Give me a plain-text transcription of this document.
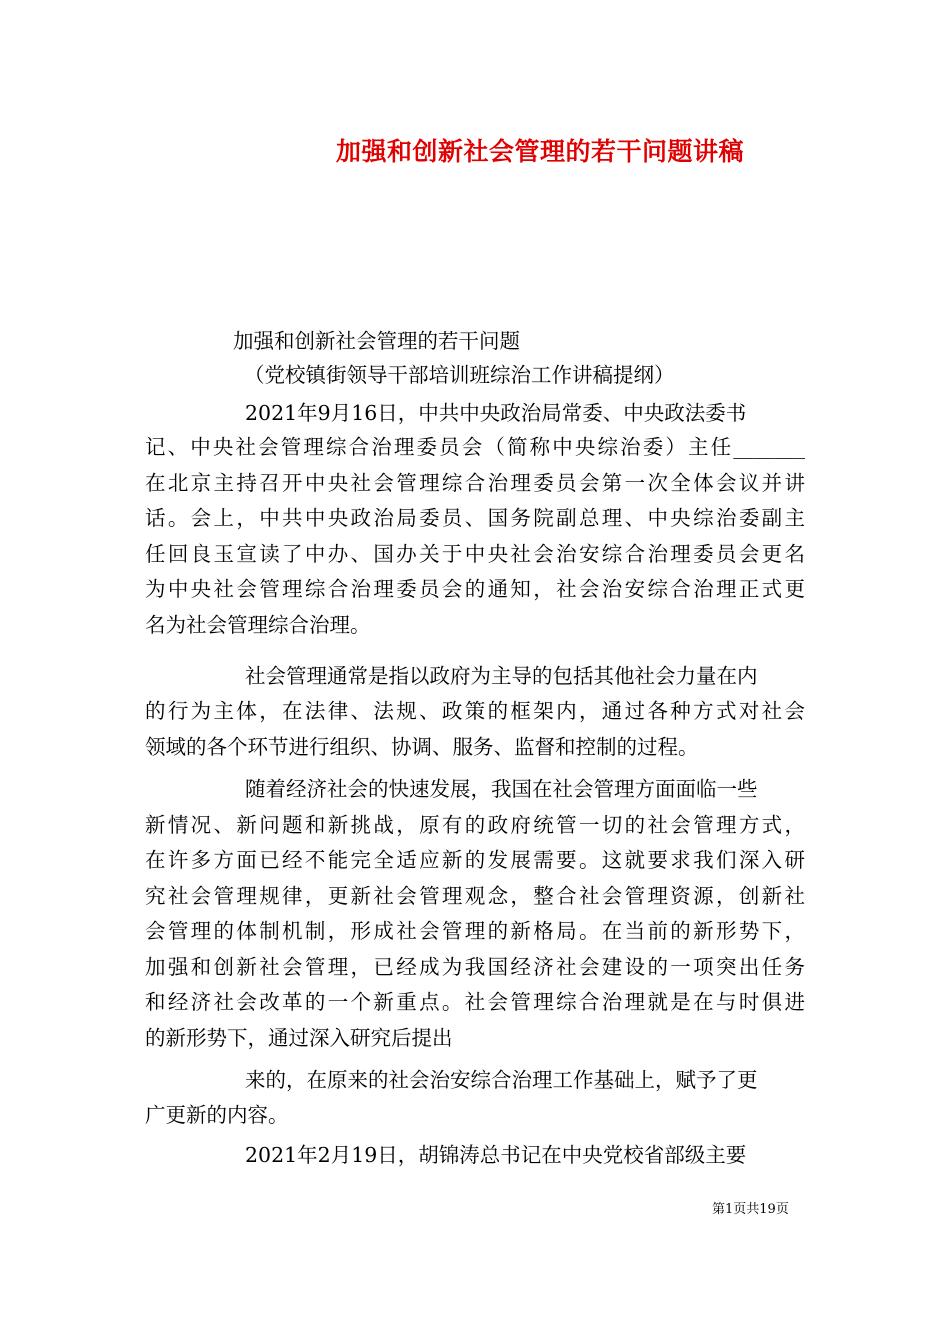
加强和创新社会管理的若干问题讲稿
加强和创新社会管理的若干问题
（党校镇街领导干部培训班综治工作讲稿提纲）
2021年9月16日，中共中央政治局常委、中央政法委书
记、中央社会管理综合治理委员会（简称中央综治委）主任_______
在北京主持召开中央社会管理综合治理委员会第一次全体会议并讲
话。会上，中共中央政治局委员、国务院副总理、中央综治委副主
任回良玉宣读了中办、国办关于中央社会治安综合治理委员会更名
为中央社会管理综合治理委员会的通知，社会治安综合治理正式更
名为社会管理综合治理。
社会管理通常是指以政府为主导的包括其他社会力量在内
的行为主体，在法律、法规、政策的框架内，通过各种方式对社会
领域的各个环节进行组织、协调、服务、监督和控制的过程。
随着经济社会的快速发展，我国在社会管理方面面临一些
新情况、新问题和新挑战，原有的政府统管一切的社会管理方式，
在许多方面已经不能完全适应新的发展需要。这就要求我们深入研
究社会管理规律，更新社会管理观念，整合社会管理资源，创新社
会管理的体制机制，形成社会管理的新格局。在当前的新形势下，
加强和创新社会管理，已经成为我国经济社会建设的一项突出任务
和经济社会改革的一个新重点。社会管理综合治理就是在与时俱进
的新形势下，通过深入研究后提出
来的，在原来的社会治安综合治理工作基础上，赋予了更
广更新的内容。
2021年2月19日，胡锦涛总书记在中央党校省部级主要
第1页共19页
